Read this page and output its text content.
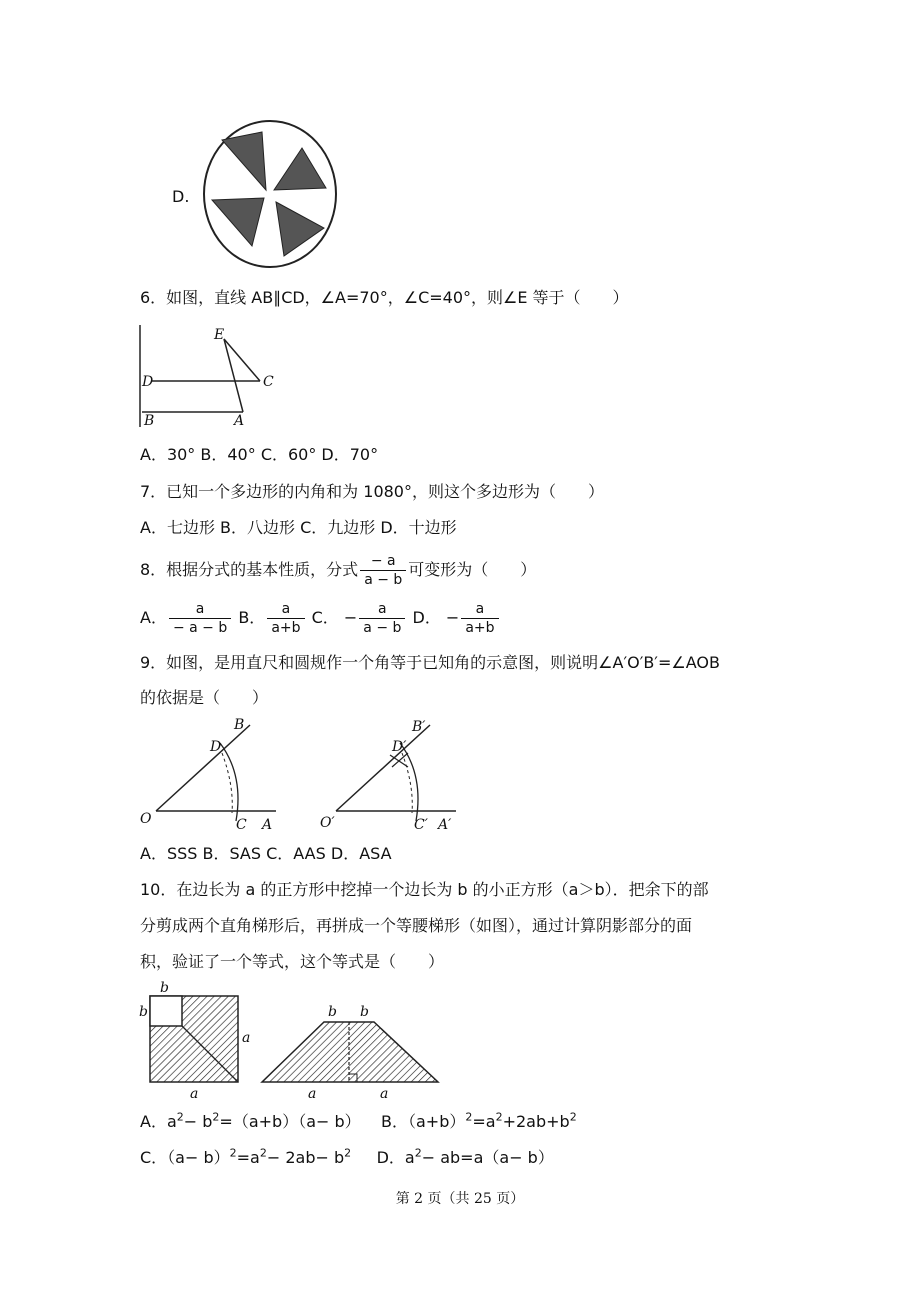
D.
6．如图，直线 AB∥CD，∠A=70°，∠C=40°，则∠E 等于（　　）
E
D	C
B	A
A．30° B．40° C．60° D．70°
7．已知一个多边形的内角和为 1080°，则这个多边形为（　　）
A．七边形 B．八边形 C．九边形 D．十边形
8．根据分式的基本性质，分式 $\frac{- a}{a - b}$ 可变形为（　　）
A． $\frac{a}{- a - b}$ B． $\frac{a}{a+b}$ C． − $\frac{a}{a - b}$ D． − $\frac{a}{a+b}$
9．如图，是用直尺和圆规作一个角等于已知角的示意图，则说明∠A′O′B′=∠AOB
的依据是（　　）
B
D
O	C A
B′
D′
O′	C′ A′
A．SSS B．SAS C．AAS D．ASA
10．在边长为 a 的正方形中挖掉一个边长为 b 的小正方形（a＞b）．把余下的部
分剪成两个直角梯形后，再拼成一个等腰梯形（如图），通过计算阴影部分的面
积，验证了一个等式，这个等式是（　　）
b
b
a
a
b b
a	a
A．$a^2- b^2=(a+b)(a- b)$ B．$(a+b)^2=a^2+2ab+b^2$
C．$(a- b)^2=a^2- 2ab- b^2$ D．$a^2- ab=a(a- b)$
第 2 页（共 25 页）
